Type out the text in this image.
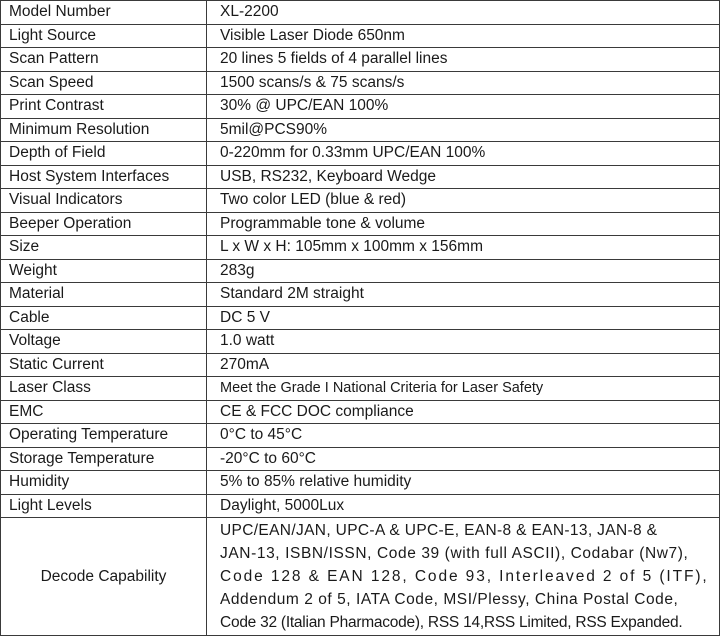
Model Number	XL-2200
Light Source	Visible Laser Diode 650nm
Scan Pattern	20 lines 5 fields of 4 parallel lines
Scan Speed	1500 scans/s & 75 scans/s
Print Contrast	30% @ UPC/EAN 100%
Minimum Resolution	5mil@PCS90%
Depth of Field	0-220mm for 0.33mm UPC/EAN 100%
Host System Interfaces	USB, RS232, Keyboard Wedge
Visual Indicators	Two color LED (blue & red)
Beeper Operation	Programmable tone & volume
Size	L x W x H: 105mm x 100mm x 156mm
Weight	283g
Material	Standard 2M straight
Cable	DC 5 V
Voltage	1.0 watt
Static Current	270mA
Laser Class	Meet the Grade I National Criteria for Laser Safety
EMC	CE & FCC DOC compliance
Operating Temperature	0°C to 45°C
Storage Temperature	-20°C to 60°C
Humidity	5% to 85% relative humidity
Light Levels	Daylight, 5000Lux
Decode Capability	UPC/EAN/JAN, UPC-A & UPC-E, EAN-8 & EAN-13, JAN-8 &
JAN-13, ISBN/ISSN, Code 39 (with full ASCII), Codabar (Nw7),
Code 128 & EAN 128, Code 93, Interleaved 2 of 5 (ITF),
Addendum 2 of 5, IATA Code, MSI/Plessy, China Postal Code,
Code 32 (Italian Pharmacode), RSS 14,RSS Limited, RSS Expanded.
